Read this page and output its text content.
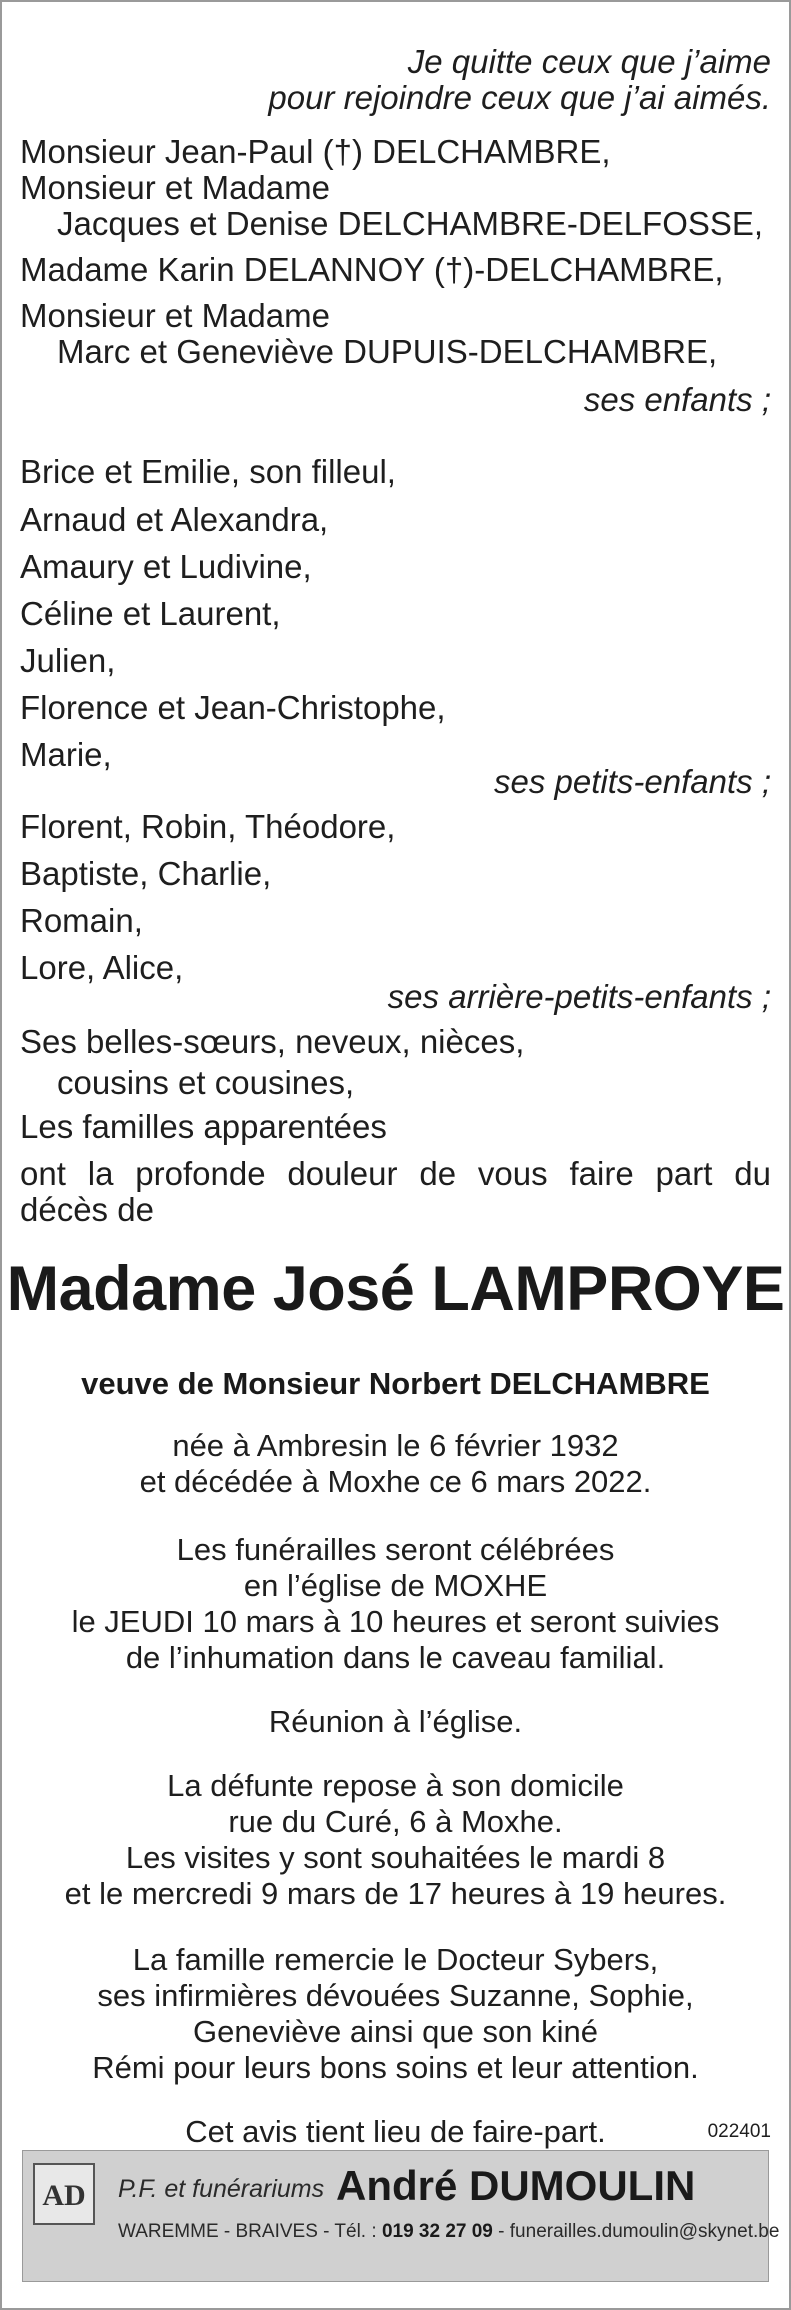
Je quitte ceux que j’aime
pour rejoindre ceux que j’ai aimés.
Monsieur Jean-Paul (†) DELCHAMBRE,
Monsieur et Madame
Jacques et Denise DELCHAMBRE-DELFOSSE,
Madame Karin DELANNOY (†)-DELCHAMBRE,
Monsieur et Madame
Marc et Geneviève DUPUIS-DELCHAMBRE,
ses enfants ;
Brice et Emilie, son filleul,
Arnaud et Alexandra,
Amaury et Ludivine,
Céline et Laurent,
Julien,
Florence et Jean-Christophe,
Marie,
ses petits-enfants ;
Florent, Robin, Théodore,
Baptiste, Charlie,
Romain,
Lore, Alice,
ses arrière-petits-enfants ;
Ses belles-sœurs, neveux, nièces,
cousins et cousines,
Les familles apparentées
ont la profonde douleur de vous faire part du
décès de
Madame José LAMPROYE
veuve de Monsieur Norbert DELCHAMBRE
née à Ambresin le 6 février 1932
et décédée à Moxhe ce 6 mars 2022.
Les funérailles seront célébrées
en l’église de MOXHE
le JEUDI 10 mars à 10 heures et seront suivies
de l’inhumation dans le caveau familial.
Réunion à l’église.
La défunte repose à son domicile
rue du Curé, 6 à Moxhe.
Les visites y sont souhaitées le mardi 8
et le mercredi 9 mars de 17 heures à 19 heures.
La famille remercie le Docteur Sybers,
ses infirmières dévouées Suzanne, Sophie,
Geneviève ainsi que son kiné
Rémi pour leurs bons soins et leur attention.
Cet avis tient lieu de faire-part.	022401
AD P.F. et funérariums André DUMOULIN
WAREMME - BRAIVES - Tél. : 019 32 27 09 - funerailles.dumoulin@skynet.be
